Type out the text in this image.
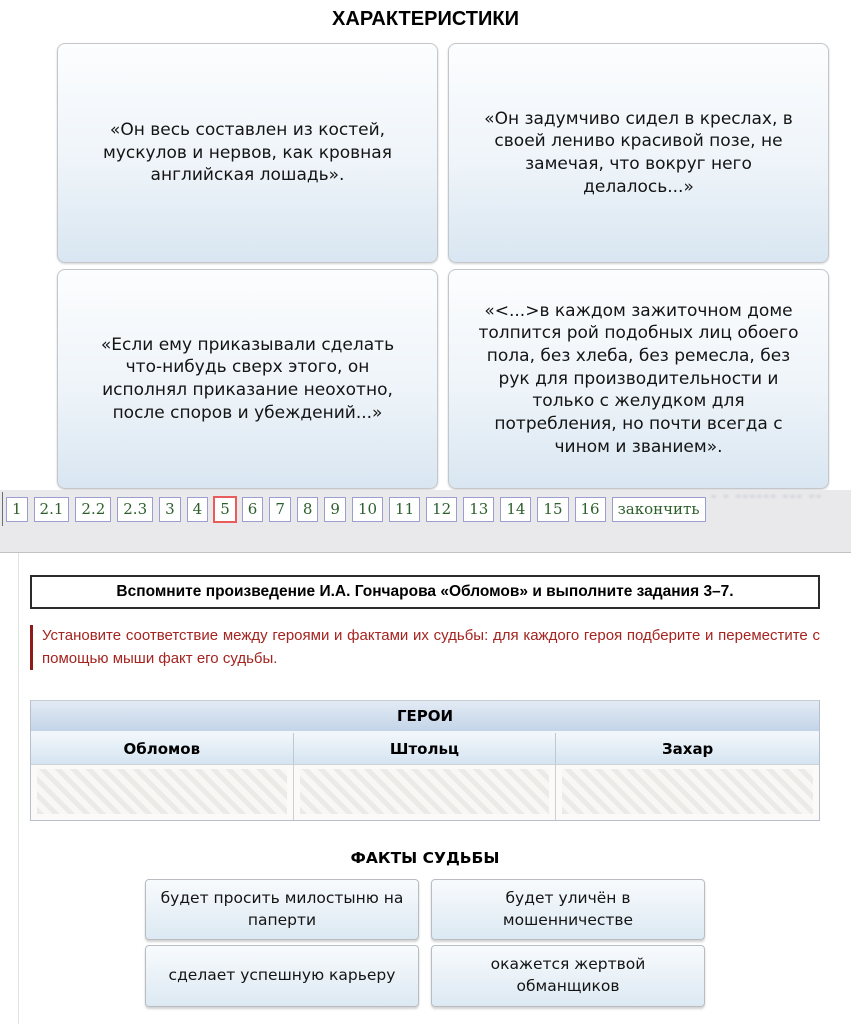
ХАРАКТЕРИСТИКИ
«Он весь составлен из костей, мускулов и нервов, как кровная английская лошадь».
«Он задумчиво сидел в креслах, в своей лениво красивой позе, не замечая, что вокруг него делалось...»
«Если ему приказывали сделать что-нибудь сверх этого, он исполнял приказание неохотно, после споров и убеждений...»
«<...>в каждом зажиточном доме толпится рой подобных лиц обоего пола, без хлеба, без ремесла, без рук для производительности и только с желудком для потребления, но почти всегда с чином и званием».
– – –––––– ––– ––
1	2.1	2.2	2.3	3	4	5	6	7	8	9	10	11	12	13	14	15	16	закончить
Вспомните произведение И.А. Гончарова «Обломов» и выполните задания 3–7.
Установите соответствие между героями и фактами их судьбы: для каждого героя подберите и переместите с помощью мыши факт его судьбы.
ГЕРОИ
Обломов	Штольц	Захар
ФАКТЫ СУДЬБЫ
будет просить милостыню на паперти
будет уличён в мошенничестве
сделает успешную карьеру
окажется жертвой обманщиков
